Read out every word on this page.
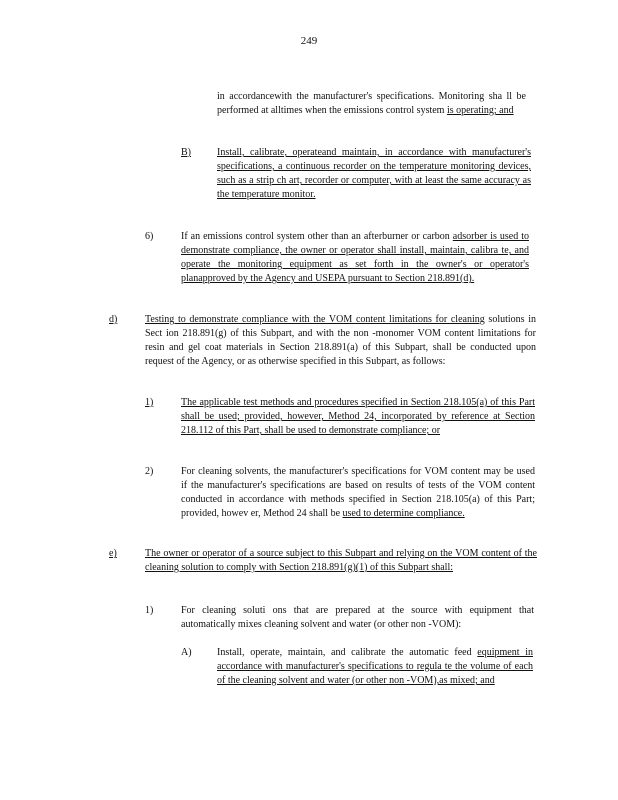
249
in accordancewith the manufacturer's specifications. Monitoring sha ll be performed at alltimes when the emissions control system is operating; and
B)	Install, calibrate, operateand maintain, in accordance with manufacturer's specifications, a continuous recorder on the temperature monitoring devices, such as a strip ch art, recorder or computer, with at least the same accuracy as the temperature monitor.
6)	If an emissions control system other than an afterburner or carbon adsorber is used to demonstrate compliance, the owner or operator shall install, maintain, calibra te, and operate the monitoring equipment as set forth in the owner's or operator's planapproved by the Agency and USEPA pursuant to Section 218.891(d).
d)	Testing to demonstrate compliance with the VOM content limitations for cleaning solutions in Sect ion 218.891(g) of this Subpart, and with the non -monomer VOM content limitations for resin and gel coat materials in Section 218.891(a) of this Subpart, shall be conducted upon request of the Agency, or as otherwise specified in this Subpart, as follows:
1)	The applicable test methods and procedures specified in Section 218.105(a) of this Part shall be used; provided, however, Method 24, incorporated by reference at Section 218.112 of this Part, shall be used to demonstrate compliance; or
2)	For cleaning solvents, the manufacturer's specifications for VOM content may be used if the manufacturer's specifications are based on results of tests of the VOM content conducted in accordance with methods specified in Section 218.105(a) of this Part; provided, howev er, Method 24 shall be used to determine compliance.
e)	The owner or operator of a source subject to this Subpart and relying on the VOM content of the cleaning solution to comply with Section 218.891(g)(1) of this Subpart shall:
1)	For cleaning soluti ons that are prepared at the source with equipment that automatically mixes cleaning solvent and water (or other non -VOM):
A)	Install, operate, maintain, and calibrate the automatic feed equipment in accordance with manufacturer's specifications to regula te the volume of each of the cleaning solvent and water (or other non -VOM),as mixed; and
